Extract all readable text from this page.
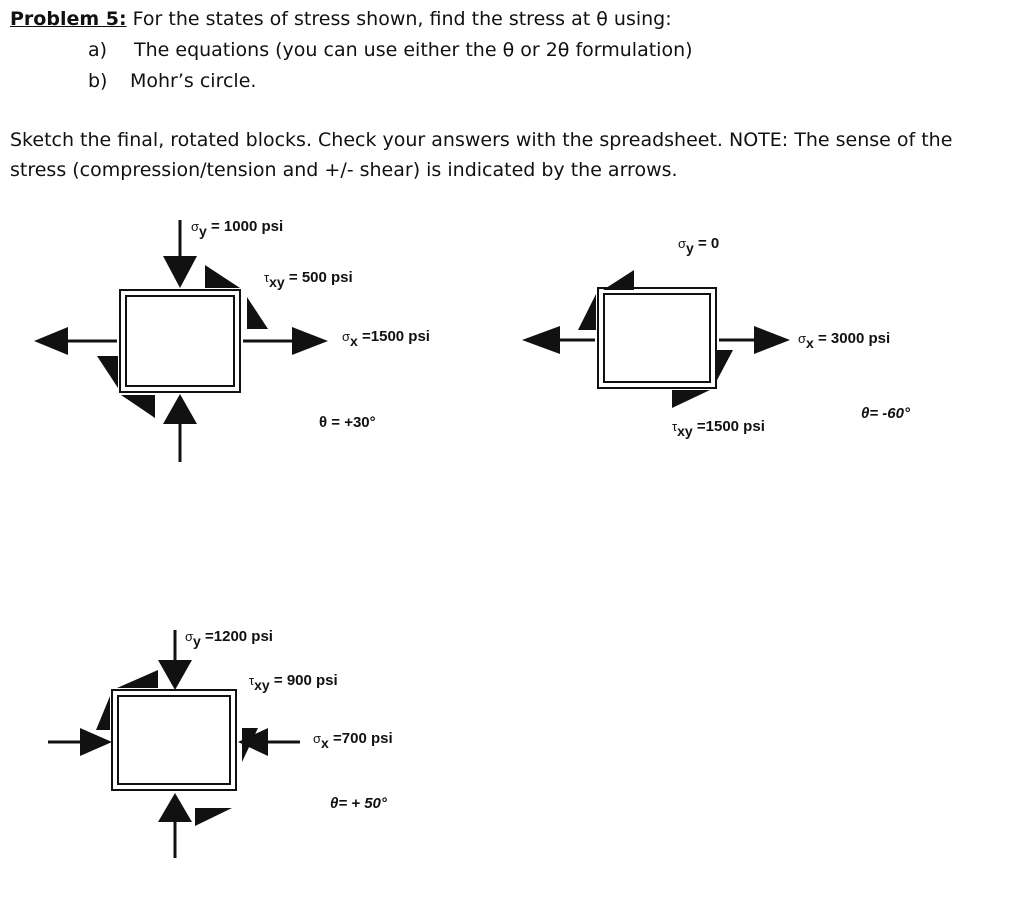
Problem 5: For the states of stress shown, find the stress at θ using:
a) The equations (you can use either the θ or 2θ formulation)
b) Mohr’s circle.
Sketch the final, rotated blocks. Check your answers with the spreadsheet. NOTE: The sense of the
stress (compression/tension and +/- shear) is indicated by the arrows.
σy = 1000 psi
τxy = 500 psi
σx =1500 psi
θ = +30°
σy = 0
τxy =1500 psi
σx = 3000 psi
θ= -60°
σy =1200 psi
τxy = 900 psi
σx =700 psi
θ= + 50°
